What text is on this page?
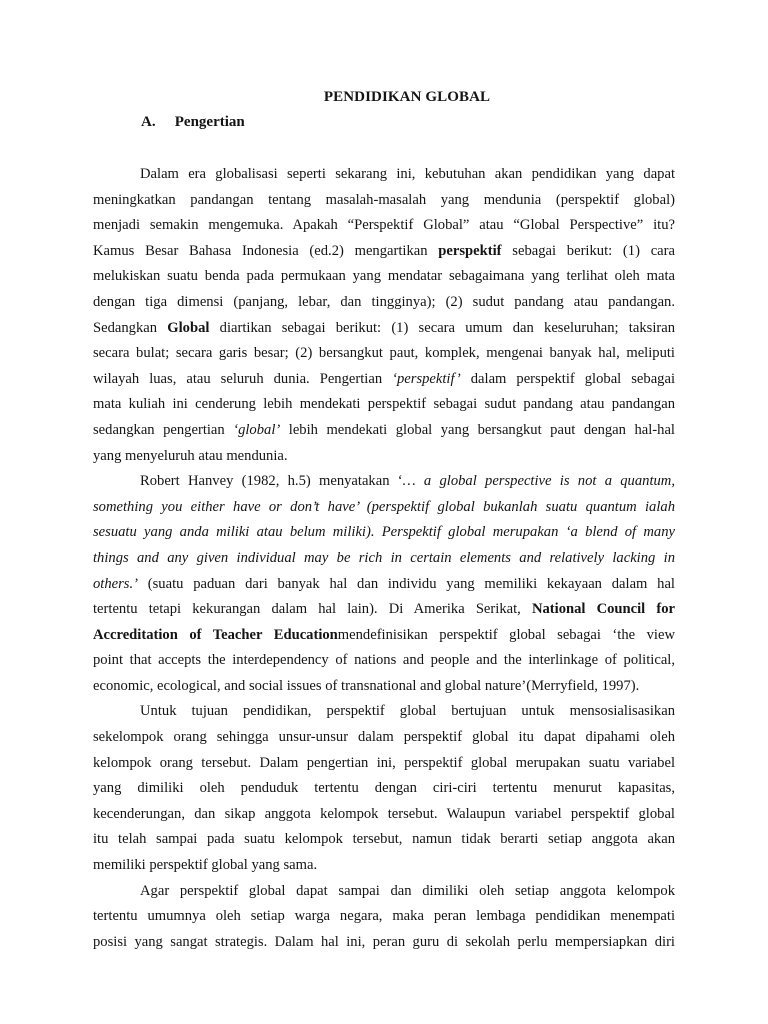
PENDIDIKAN GLOBAL
A. Pengertian
Dalam era globalisasi seperti sekarang ini, kebutuhan akan pendidikan yang dapat
meningkatkan pandangan tentang masalah-masalah yang mendunia (perspektif global)
menjadi semakin mengemuka. Apakah “Perspektif Global” atau “Global Perspective” itu?
Kamus Besar Bahasa Indonesia (ed.2) mengartikan perspektif sebagai berikut: (1) cara
melukiskan suatu benda pada permukaan yang mendatar sebagaimana yang terlihat oleh mata
dengan tiga dimensi (panjang, lebar, dan tingginya); (2) sudut pandang atau pandangan.
Sedangkan Global diartikan sebagai berikut: (1) secara umum dan keseluruhan; taksiran
secara bulat; secara garis besar; (2) bersangkut paut, komplek, mengenai banyak hal, meliputi
wilayah luas, atau seluruh dunia. Pengertian ‘perspektif’ dalam perspektif global sebagai
mata kuliah ini cenderung lebih mendekati perspektif sebagai sudut pandang atau pandangan
sedangkan pengertian ‘global’ lebih mendekati global yang bersangkut paut dengan hal-hal
yang menyeluruh atau mendunia.
Robert Hanvey (1982, h.5) menyatakan ‘… a global perspective is not a quantum,
something you either have or don’t have’ (perspektif global bukanlah suatu quantum ialah
sesuatu yang anda miliki atau belum miliki). Perspektif global merupakan ‘a blend of many
things and any given individual may be rich in certain elements and relatively lacking in
others.’ (suatu paduan dari banyak hal dan individu yang memiliki kekayaan dalam hal
tertentu tetapi kekurangan dalam hal lain). Di Amerika Serikat, National Council for
Accreditation of Teacher Educationmendefinisikan perspektif global sebagai ‘the view
point that accepts the interdependency of nations and people and the interlinkage of political,
economic, ecological, and social issues of transnational and global nature’(Merryfield, 1997).
Untuk tujuan pendidikan, perspektif global bertujuan untuk mensosialisasikan
sekelompok orang sehingga unsur-unsur dalam perspektif global itu dapat dipahami oleh
kelompok orang tersebut. Dalam pengertian ini, perspektif global merupakan suatu variabel
yang dimiliki oleh penduduk tertentu dengan ciri-ciri tertentu menurut kapasitas,
kecenderungan, dan sikap anggota kelompok tersebut. Walaupun variabel perspektif global
itu telah sampai pada suatu kelompok tersebut, namun tidak berarti setiap anggota akan
memiliki perspektif global yang sama.
Agar perspektif global dapat sampai dan dimiliki oleh setiap anggota kelompok
tertentu umumnya oleh setiap warga negara, maka peran lembaga pendidikan menempati
posisi yang sangat strategis. Dalam hal ini, peran guru di sekolah perlu mempersiapkan diri
